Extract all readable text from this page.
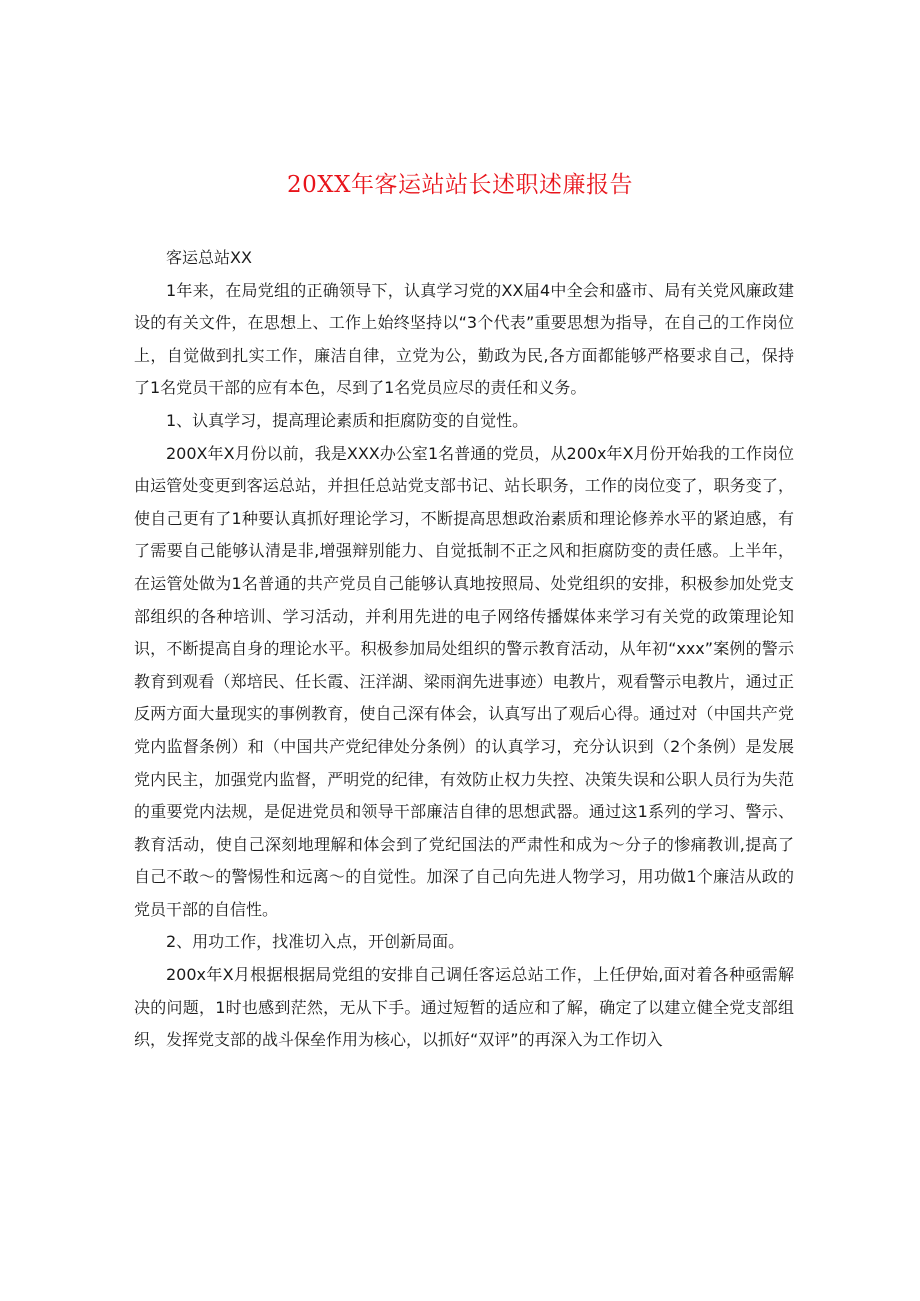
20XX年客运站站长述职述廉报告

客运总站XX

1年来，在局党组的正确领导下，认真学习党的XX届4中全会和盛市、局有关党风廉政建设的有关文件，在思想上、工作上始终坚持以“3个代表”重要思想为指导，在自己的工作岗位上，自觉做到扎实工作，廉洁自律，立党为公，勤政为民,各方面都能够严格要求自己，保持了1名党员干部的应有本色，尽到了1名党员应尽的责任和义务。

1、认真学习，提高理论素质和拒腐防变的自觉性。

200X年X月份以前，我是XXX办公室1名普通的党员，从200x年X月份开始我的工作岗位由运管处变更到客运总站，并担任总站党支部书记、站长职务，工作的岗位变了，职务变了，使自己更有了1种要认真抓好理论学习，不断提高思想政治素质和理论修养水平的紧迫感，有了需要自己能够认清是非,增强辩别能力、自觉抵制不正之风和拒腐防变的责任感。上半年，在运管处做为1名普通的共产党员自己能够认真地按照局、处党组织的安排，积极参加处党支部组织的各种培训、学习活动，并利用先进的电子网络传播媒体来学习有关党的政策理论知识，不断提高自身的理论水平。积极参加局处组织的警示教育活动，从年初“xxx”案例的警示教育到观看（郑培民、任长霞、汪洋湖、梁雨润先进事迹）电教片，观看警示电教片，通过正反两方面大量现实的事例教育，使自己深有体会，认真写出了观后心得。通过对（中国共产党党内监督条例）和（中国共产党纪律处分条例）的认真学习，充分认识到（2个条例）是发展党内民主，加强党内监督，严明党的纪律，有效防止权力失控、决策失误和公职人员行为失范的重要党内法规，是促进党员和领导干部廉洁自律的思想武器。通过这1系列的学习、警示、教育活动，使自己深刻地理解和体会到了党纪国法的严肃性和成为～分子的惨痛教训,提高了自己不敢～的警惕性和远离～的自觉性。加深了自己向先进人物学习，用功做1个廉洁从政的党员干部的自信性。

2、用功工作，找准切入点，开创新局面。

200x年X月根据根据局党组的安排自己调任客运总站工作，上任伊始,面对着各种亟需解决的问题，1时也感到茫然，无从下手。通过短暂的适应和了解，确定了以建立健全党支部组织，发挥党支部的战斗保垒作用为核心，以抓好“双评”的再深入为工作切入
